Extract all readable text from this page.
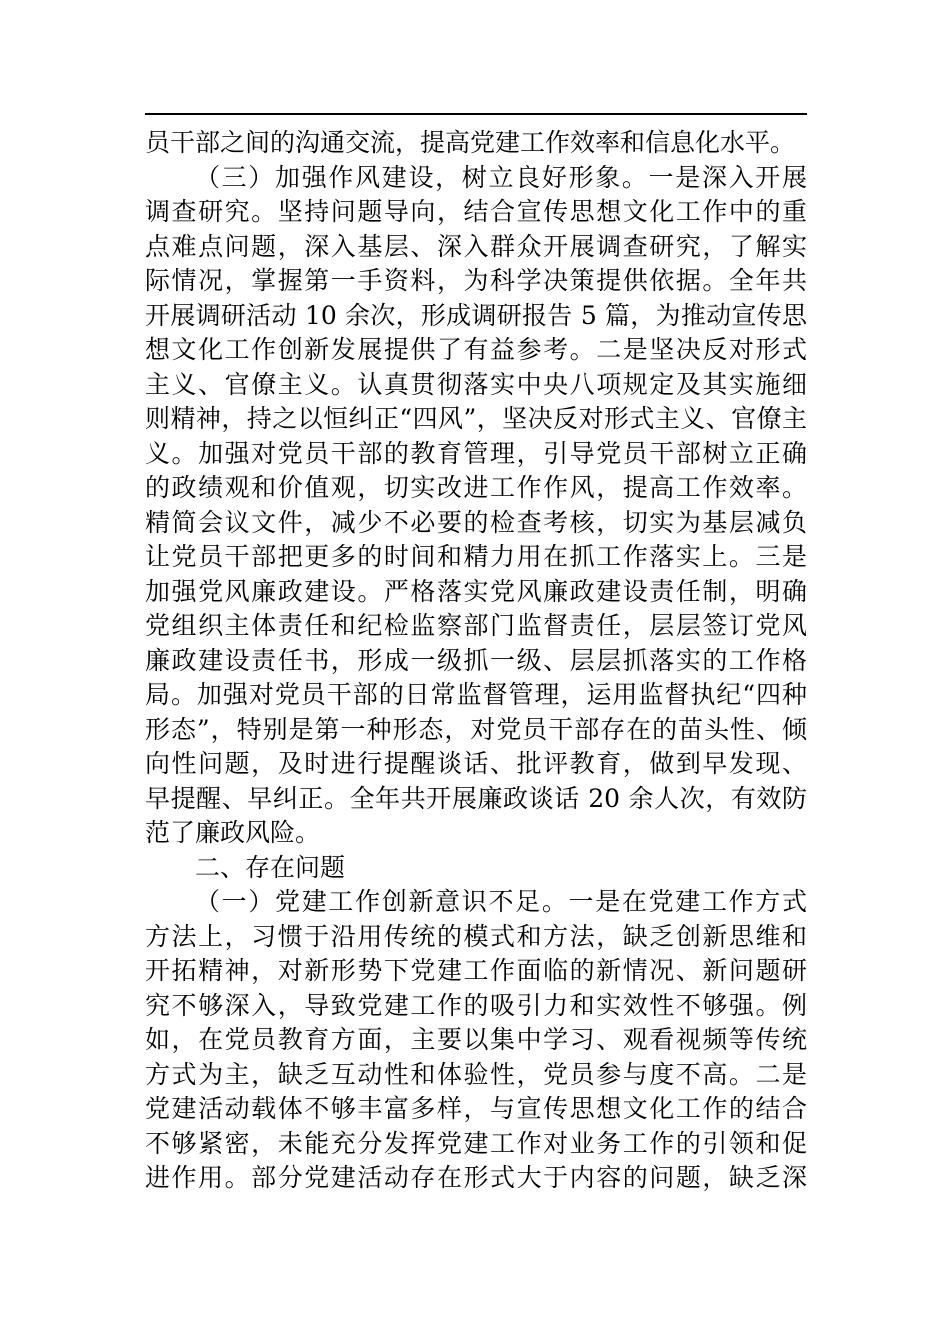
员干部之间的沟通交流，提高党建工作效率和信息化水平。
（三）加强作风建设，树立良好形象。一是深入开展
调查研究。坚持问题导向，结合宣传思想文化工作中的重
点难点问题，深入基层、深入群众开展调查研究，了解实
际情况，掌握第一手资料，为科学决策提供依据。全年共
开展调研活动 10 余次，形成调研报告 5 篇，为推动宣传思
想文化工作创新发展提供了有益参考。二是坚决反对形式
主义、官僚主义。认真贯彻落实中央八项规定及其实施细
则精神，持之以恒纠正“四风”，坚决反对形式主义、官僚主
义。加强对党员干部的教育管理，引导党员干部树立正确
的政绩观和价值观，切实改进工作作风，提高工作效率。
精简会议文件，减少不必要的检查考核，切实为基层减负
让党员干部把更多的时间和精力用在抓工作落实上。三是
加强党风廉政建设。严格落实党风廉政建设责任制，明确
党组织主体责任和纪检监察部门监督责任，层层签订党风
廉政建设责任书，形成一级抓一级、层层抓落实的工作格
局。加强对党员干部的日常监督管理，运用监督执纪“四种
形态”，特别是第一种形态，对党员干部存在的苗头性、倾
向性问题，及时进行提醒谈话、批评教育，做到早发现、
早提醒、早纠正。全年共开展廉政谈话 20 余人次，有效防
范了廉政风险。
二、存在问题
（一）党建工作创新意识不足。一是在党建工作方式
方法上，习惯于沿用传统的模式和方法，缺乏创新思维和
开拓精神，对新形势下党建工作面临的新情况、新问题研
究不够深入，导致党建工作的吸引力和实效性不够强。例
如，在党员教育方面，主要以集中学习、观看视频等传统
方式为主，缺乏互动性和体验性，党员参与度不高。二是
党建活动载体不够丰富多样，与宣传思想文化工作的结合
不够紧密，未能充分发挥党建工作对业务工作的引领和促
进作用。部分党建活动存在形式大于内容的问题，缺乏深
